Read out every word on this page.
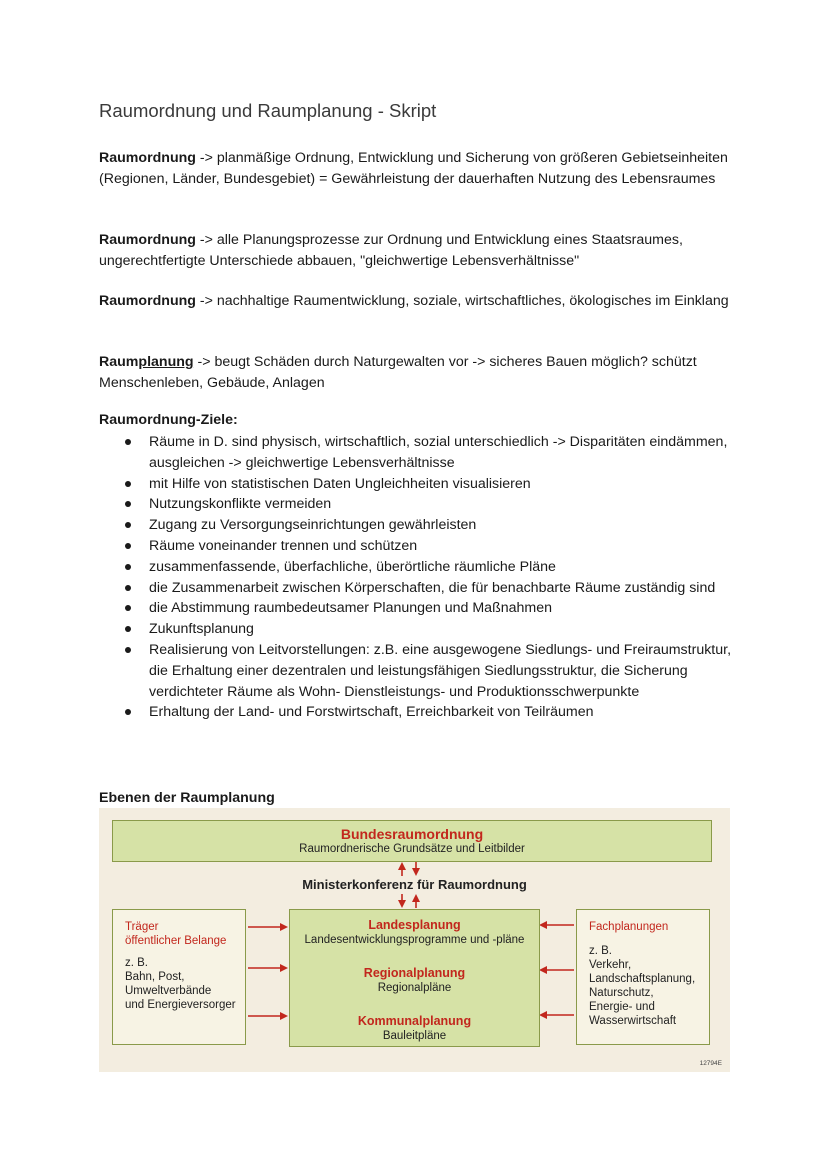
Raumordnung und Raumplanung - Skript

Raumordnung -> planmäßige Ordnung, Entwicklung und Sicherung von größeren Gebietseinheiten (Regionen, Länder, Bundesgebiet) = Gewährleistung der dauerhaften Nutzung des Lebensraumes

Raumordnung -> alle Planungsprozesse zur Ordnung und Entwicklung eines Staatsraumes, ungerechtfertigte Unterschiede abbauen, "gleichwertige Lebensverhältnisse"

Raumordnung -> nachhaltige Raumentwicklung, soziale, wirtschaftliches, ökologisches im Einklang

Raumplanung -> beugt Schäden durch Naturgewalten vor -> sicheres Bauen möglich? schützt Menschenleben, Gebäude, Anlagen

Raumordnung-Ziele:

Räume in D. sind physisch, wirtschaftlich, sozial unterschiedlich -> Disparitäten eindämmen, ausgleichen -> gleichwertige Lebensverhältnisse
mit Hilfe von statistischen Daten Ungleichheiten visualisieren
Nutzungskonflikte vermeiden
Zugang zu Versorgungseinrichtungen gewährleisten
Räume voneinander trennen und schützen
zusammenfassende, überfachliche, überörtliche räumliche Pläne
die Zusammenarbeit zwischen Körperschaften, die für benachbarte Räume zuständig sind
die Abstimmung raumbedeutsamer Planungen und Maßnahmen
Zukunftsplanung
Realisierung von Leitvorstellungen: z.B. eine ausgewogene Siedlungs- und Freiraumstruktur, die Erhaltung einer dezentralen und leistungsfähigen Siedlungsstruktur, die Sicherung verdichteter Räume als Wohn- Dienstleistungs- und Produktionsschwerpunkte
Erhaltung der Land- und Forstwirtschaft, Erreichbarkeit von Teilräumen

Ebenen der Raumplanung

Bundesraumordnung
Raumordnerische Grundsätze und Leitbilder
Ministerkonferenz für Raumordnung
Träger
öffentlicher Belange
z. B.
Bahn, Post,
Umweltverbände
und Energieversorger
Landesplanung
Landesentwicklungsprogramme und -pläne
Regionalplanung
Regionalpläne
Kommunalplanung
Bauleitpläne
Fachplanungen
z. B.
Verkehr,
Landschaftsplanung,
Naturschutz,
Energie- und
Wasserwirtschaft
12794E
